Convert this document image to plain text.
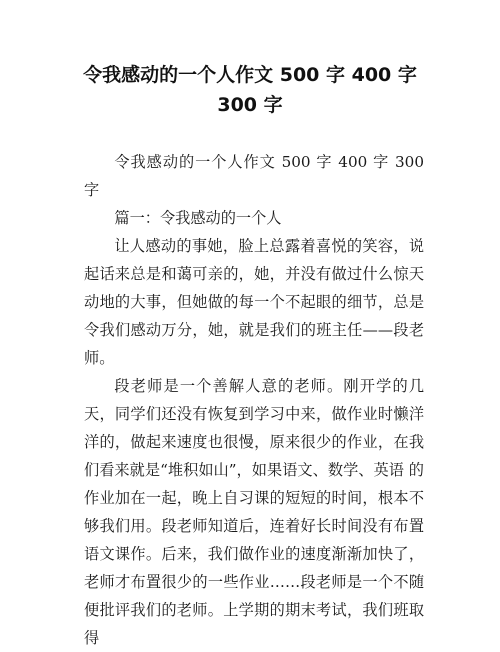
令我感动的一个人作文 500 字 400 字 300 字

令我感动的一个人作文 500 字 400 字 300 字

篇一：令我感动的一个人

让人感动的事她，脸上总露着喜悦的笑容，说起话来总是和蔼可亲的，她，并没有做过什么惊天动地的大事，但她做的每一个不起眼的细节，总是令我们感动万分，她，就是我们的班主任——段老师。

段老师是一个善解人意的老师。刚开学的几天，同学们还没有恢复到学习中来，做作业时懒洋洋的，做起来速度也很慢，原来很少的作业，在我们看来就是“堆积如山”，如果语文、数学、英语 的作业加在一起，晚上自习课的短短的时间，根本不够我们用。段老师知道后，连着好长时间没有布置语文课作。后来，我们做作业的速度渐渐加快了，老师才布置很少的一些作业……段老师是一个不随　便批评我们的老师。上学期的期末考试，我们班取得
